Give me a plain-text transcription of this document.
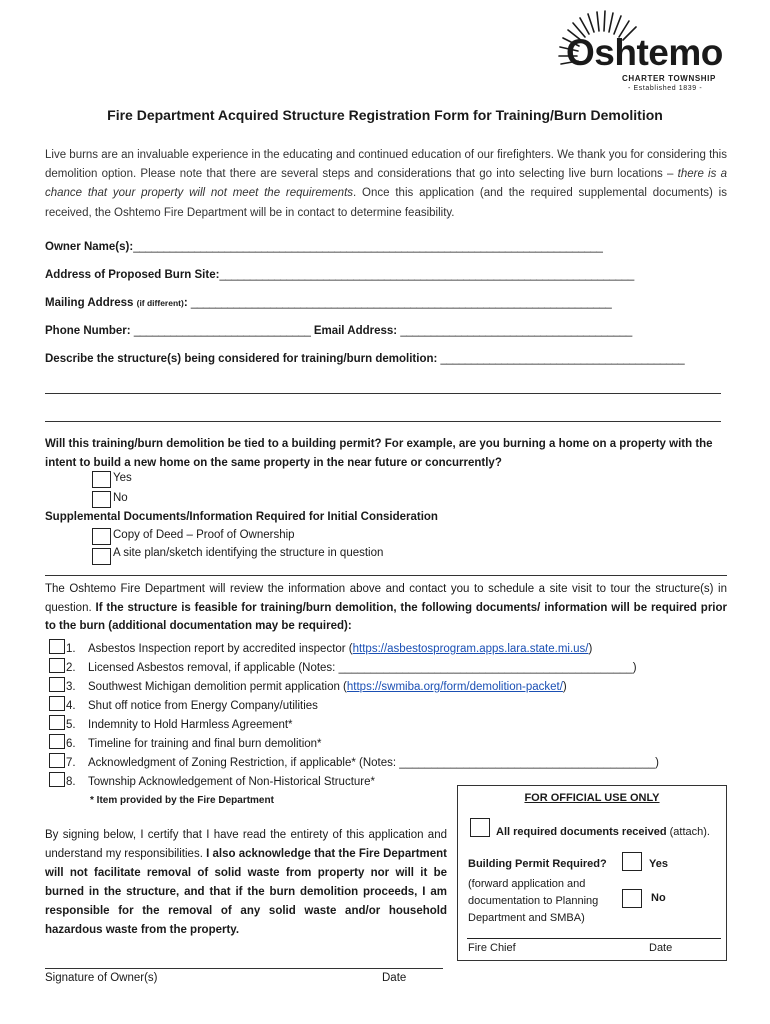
Oshtemo
CHARTER TOWNSHIP
- Established 1839 -
Fire Department Acquired Structure Registration Form for Training/Burn Demolition
Live burns are an invaluable experience in the educating and continued education of our firefighters. We thank you for considering this demolition option. Please note that there are several steps and considerations that go into selecting live burn locations – there is a chance that your property will not meet the requirements. Once this application (and the required supplemental documents) is received, the Oshtemo Fire Department will be in contact to determine feasibility.
Owner Name(s):_____________________________________________________________________________
Address of Proposed Burn Site:____________________________________________________________________
Mailing Address (if different): _____________________________________________________________________
Phone Number: _____________________________ Email Address: ______________________________________
Describe the structure(s) being considered for training/burn demolition: ________________________________________
Will this training/burn demolition be tied to a building permit? For example, are you burning a home on a property with the intent to build a new home on the same property in the near future or concurrently?
Yes
No
Supplemental Documents/Information Required for Initial Consideration
Copy of Deed – Proof of Ownership
A site plan/sketch identifying the structure in question
The Oshtemo Fire Department will review the information above and contact you to schedule a site visit to tour the structure(s) in question. If the structure is feasible for training/burn demolition, the following documents/ information will be required prior to the burn (additional documentation may be required):
1. Asbestos Inspection report by accredited inspector (https://asbestosprogram.apps.lara.state.mi.us/)
2. Licensed Asbestos removal, if applicable (Notes: ______________________________________________)
3. Southwest Michigan demolition permit application (https://swmiba.org/form/demolition-packet/)
4. Shut off notice from Energy Company/utilities
5. Indemnity to Hold Harmless Agreement*
6. Timeline for training and final burn demolition*
7. Acknowledgment of Zoning Restriction, if applicable* (Notes: ________________________________________)
8. Township Acknowledgement of Non-Historical Structure*
* Item provided by the Fire Department
By signing below, I certify that I have read the entirety of this application and understand my responsibilities. I also acknowledge that the Fire Department will not facilitate removal of solid waste from property nor will it be burned in the structure, and that if the burn demolition proceeds, I am responsible for the removal of any solid waste and/or household hazardous waste from the property.
Signature of Owner(s)	Date
FOR OFFICIAL USE ONLY
All required documents received (attach).
Building Permit Required?	Yes
(forward application and documentation to Planning Department and SMBA)
No
Fire Chief	Date
